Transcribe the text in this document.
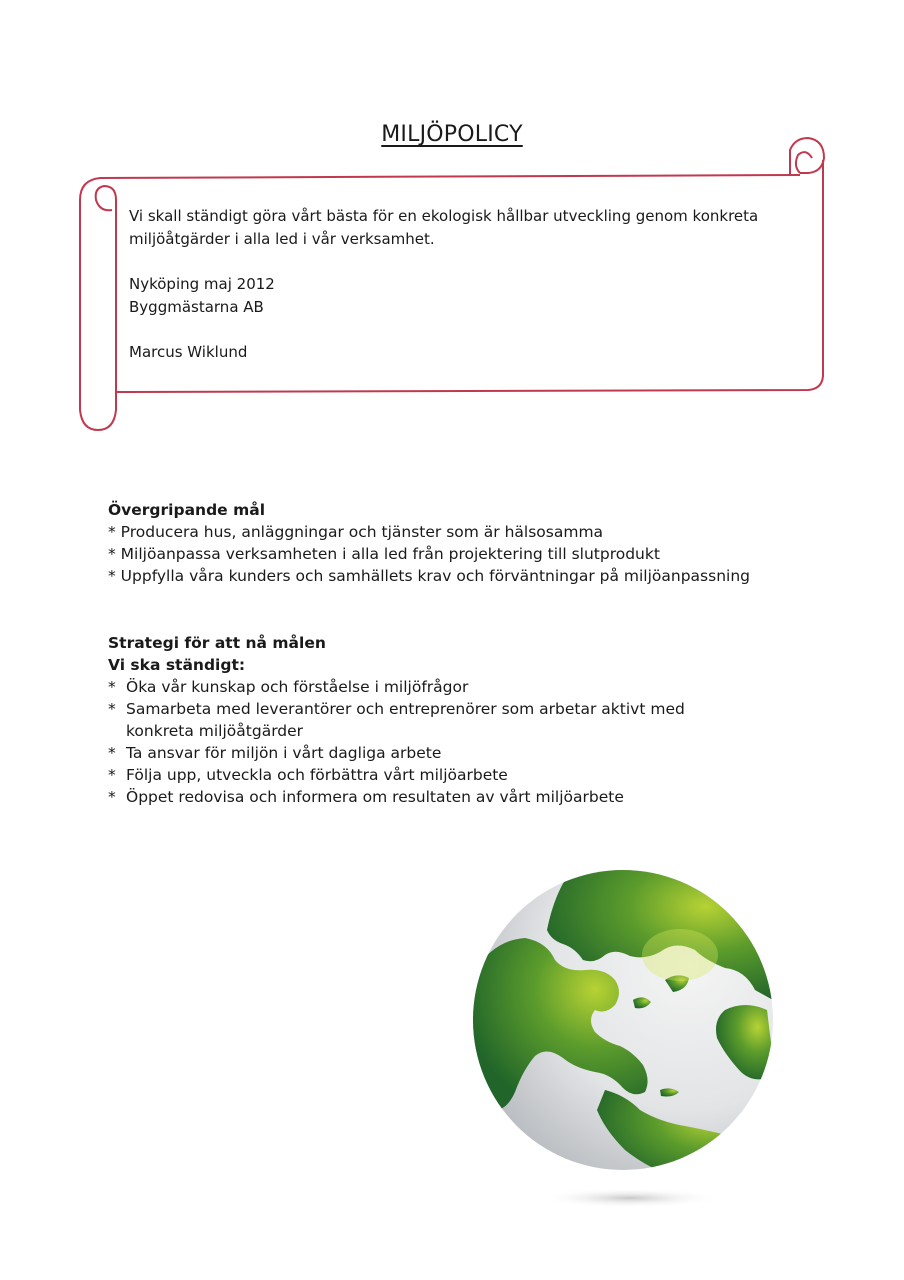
MILJÖPOLICY

Vi skall ständigt göra vårt bästa för en ekologisk hållbar utveckling genom konkreta miljöåtgärder i alla led i vår verksamhet.

Nyköping maj 2012

Byggmästarna AB

Marcus Wiklund

Övergripande mål
* Producera hus, anläggningar och tjänster som är hälsosamma
* Miljöanpassa verksamheten i alla led från projektering till slutprodukt
* Uppfylla våra kunders och samhällets krav och förväntningar på miljöanpassning
Strategi för att nå målen
Vi ska ständigt:
* Öka vår kunskap och förståelse i miljöfrågor
* Samarbeta med leverantörer och entreprenörer som arbetar aktivt med konkreta miljöåtgärder
* Ta ansvar för miljön i vårt dagliga arbete
* Följa upp, utveckla och förbättra vårt miljöarbete
* Öppet redovisa och informera om resultaten av vårt miljöarbete
